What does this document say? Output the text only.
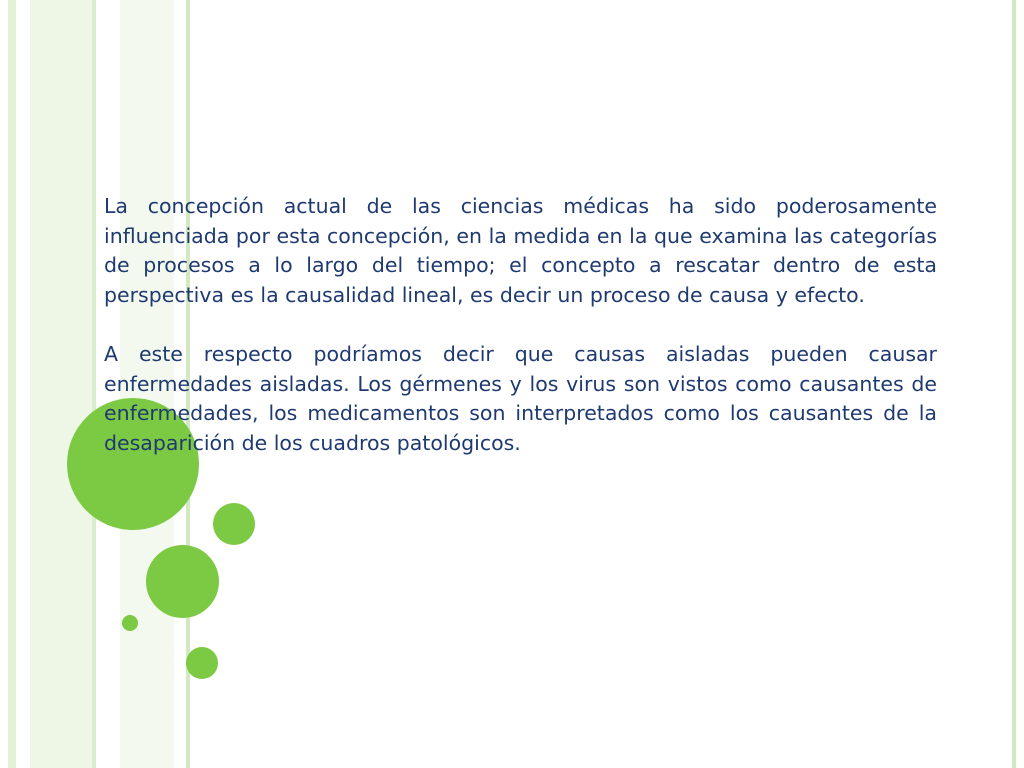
La concepción actual de las ciencias médicas ha sido poderosamente influenciada por esta concepción, en la medida en la que examina las categorías de procesos a lo largo del tiempo; el concepto a rescatar dentro de esta perspectiva es la causalidad lineal, es decir un proceso de causa y efecto.

A este respecto podríamos decir que causas aisladas pueden causar enfermedades aisladas. Los gérmenes y los virus son vistos como causantes de enfermedades, los medicamentos son interpretados como los causantes de la desaparición de los cuadros patológicos.
